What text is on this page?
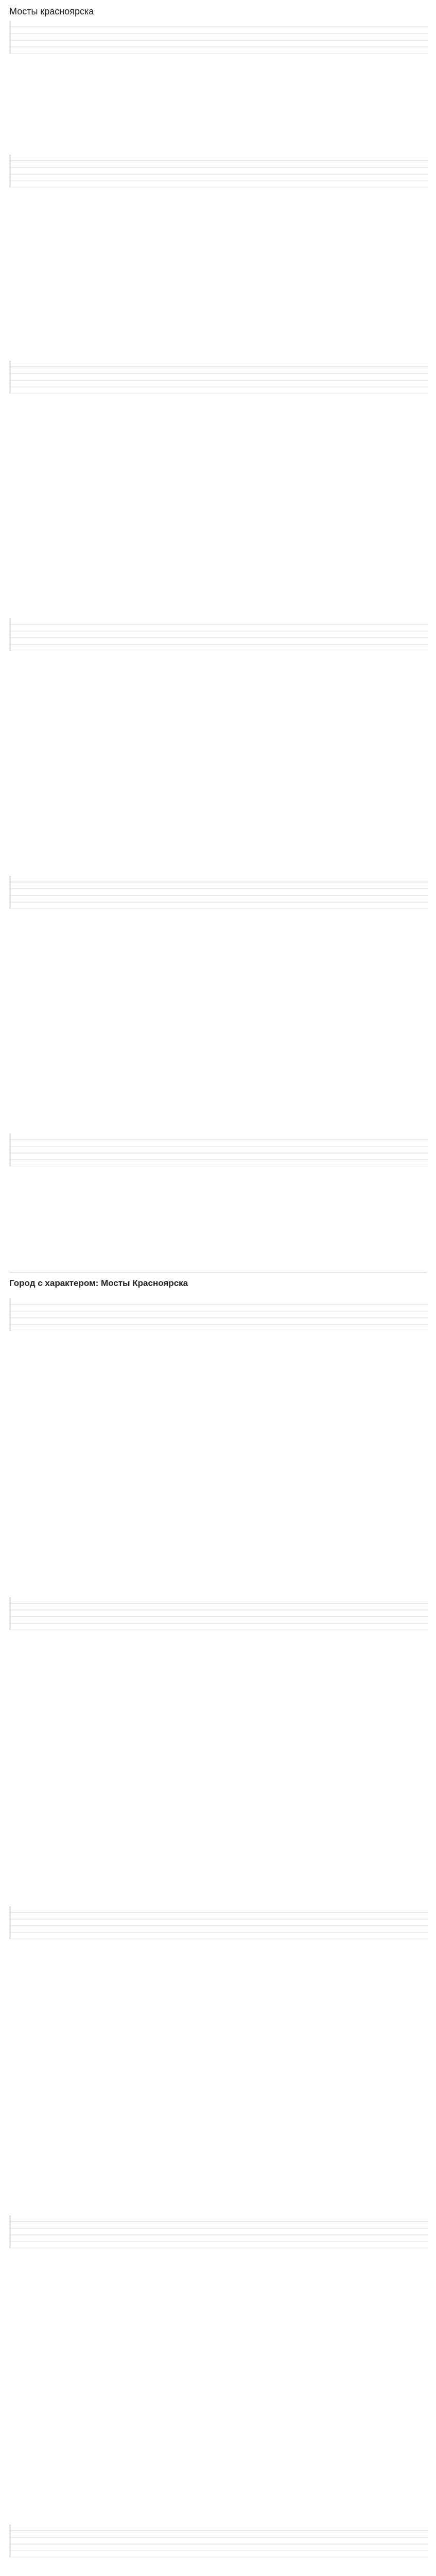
Мосты красноярска
Город с характером: Мосты Красноярска
